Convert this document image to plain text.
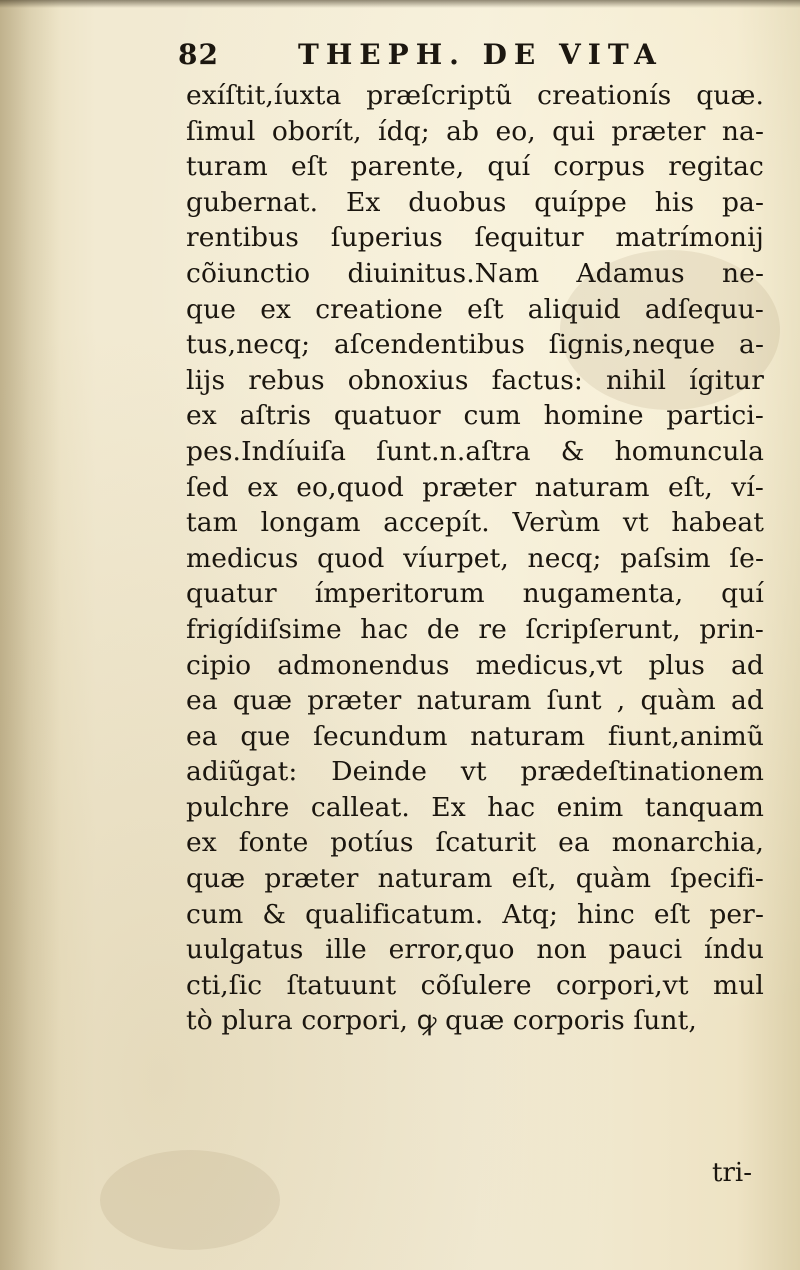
82	THEPH. DE VITA
exíſtit,íuxta præſcriptũ creationís quæ.
ſimul oborít, ídq; ab eo, qui præter na-
turam eſt parente, quí corpus regitac
gubernat. Ex duobus quíppe his pa-
rentibus ſuperius ſequitur matrímonij
cõiunctio diuinitus.Nam Adamus ne-
que ex creatione eſt aliquid adſequu-
tus,necq; aſcendentibus ſignis,neque a-
lijs rebus obnoxius factus: nihil ígitur
ex aſtris quatuor cum homine partici-
pes.Indíuiſa ſunt.n.aſtra & homuncula
ſed ex eo,quod præter naturam eſt, ví-
tam longam accepít. Verùm vt habeat
medicus quod víurpet, necq; paſsim ſe-
quatur ímperitorum nugamenta, quí
frigídiſsime hac de re ſcripſerunt, prin-
cipio admonendus medicus,vt plus ad
ea quæ præter naturam ſunt , quàm ad
ea que ſecundum naturam fiunt,animũ
adiũgat: Deinde vt prædeſtinationem
pulchre calleat. Ex hac enim tanquam
ex fonte potíus ſcaturit ea monarchia,
quæ præter naturam eſt, quàm ſpecifi-
cum & qualificatum. Atq; hinc eſt per-
uulgatus ille error,quo non pauci índu
cti,ſic ſtatuunt cõſulere corpori,vt mul
tò plura corpori, ꝙ quæ corporis ſunt,
tri-
